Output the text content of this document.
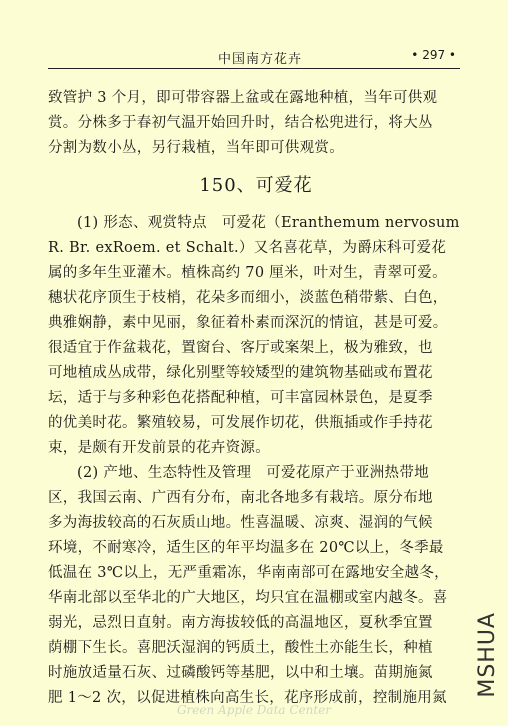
中国南方花卉	• 297 •
致管护 3 个月，即可带容器上盆或在露地种植，当年可供观
赏。分株多于春初气温开始回升时，结合松兜进行，将大丛
分割为数小丛，另行栽植，当年即可供观赏。
150、可爱花
(1) 形态、观赏特点　可爱花（Eranthemum nervosum
R. Br. exRoem. et Schalt.）又名喜花草，为爵床科可爱花
属的多年生亚灌木。植株高约 70 厘米，叶对生，青翠可爱。
穗状花序顶生于枝梢，花朵多而细小，淡蓝色稍带紫、白色，
典雅娴静，素中见丽，象征着朴素而深沉的情谊，甚是可爱。
很适宜于作盆栽花，置窗台、客厅或案架上，极为雅致，也
可地植成丛成带，绿化别墅等较矮型的建筑物基础或布置花
坛，适于与多种彩色花搭配种植，可丰富园林景色，是夏季
的优美时花。繁殖较易，可发展作切花，供瓶插或作手持花
束，是颇有开发前景的花卉资源。
(2) 产地、生态特性及管理　可爱花原产于亚洲热带地
区，我国云南、广西有分布，南北各地多有栽培。原分布地
多为海拔较高的石灰质山地。性喜温暖、凉爽、湿润的气候
环境，不耐寒冷，适生区的年平均温多在 20℃以上，冬季最
低温在 3℃以上，无严重霜冻，华南南部可在露地安全越冬，
华南北部以至华北的广大地区，均只宜在温棚或室内越冬。喜
弱光，忌烈日直射。南方海拔较低的高温地区，夏秋季宜置
荫棚下生长。喜肥沃湿润的钙质土，酸性土亦能生长，种植
时施放适量石灰、过磷酸钙等基肥，以中和土壤。苗期施氮
肥 1～2 次，以促进植株向高生长，花序形成前，控制施用氮
MSHUA
Green Apple Data Center
